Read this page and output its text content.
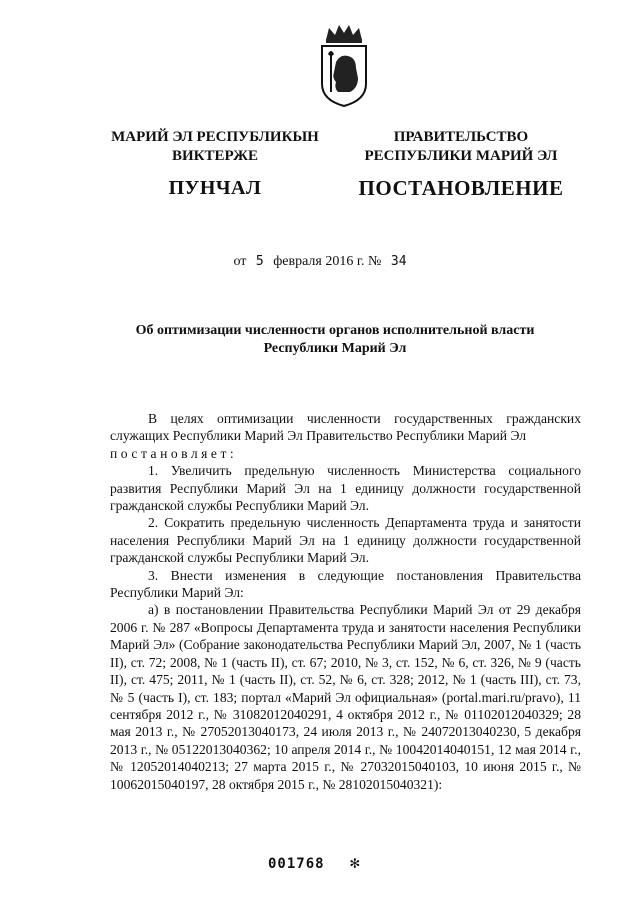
МАРИЙ ЭЛ РЕСПУБЛИКЫН
ВИКТЕРЖЕ
ПУНЧАЛ
ПРАВИТЕЛЬСТВО
РЕСПУБЛИКИ МАРИЙ ЭЛ
ПОСТАНОВЛЕНИЕ
от 5 февраля 2016 г. № 34
Об оптимизации численности органов исполнительной власти
Республики Марий Эл

В целях оптимизации численности государственных гражданских служащих Республики Марий Эл Правительство Республики Марий Эл

постановляет:

1. Увеличить предельную численность Министерства социального развития Республики Марий Эл на 1 единицу должности государственной гражданской службы Республики Марий Эл.

2. Сократить предельную численность Департамента труда и занятости населения Республики Марий Эл на 1 единицу должности государственной гражданской службы Республики Марий Эл.

3. Внести изменения в следующие постановления Правительства Республики Марий Эл:

а) в постановлении Правительства Республики Марий Эл от 29 декабря 2006 г. № 287 «Вопросы Департамента труда и занятости населения Республики Марий Эл» (Собрание законодательства Республики Марий Эл, 2007, № 1 (часть II), ст. 72; 2008, № 1 (часть II), ст. 67; 2010, № 3, ст. 152, № 6, ст. 326, № 9 (часть II), ст. 475; 2011, № 1 (часть II), ст. 52, № 6, ст. 328; 2012, № 1 (часть III), ст. 73, № 5 (часть I), ст. 183; портал «Марий Эл официальная» (portal.mari.ru/pravo), 11 сентября 2012 г., № 31082012040291, 4 октября 2012 г., № 01102012040329; 28 мая 2013 г., № 27052013040173, 24 июля 2013 г., № 24072013040230, 5 декабря 2013 г., № 05122013040362; 10 апреля 2014 г., № 10042014040151, 12 мая 2014 г., № 12052014040213; 27 марта 2015 г., № 27032015040103, 10 июня 2015 г., № 10062015040197, 28 октября 2015 г., № 28102015040321):

001768 ✻
